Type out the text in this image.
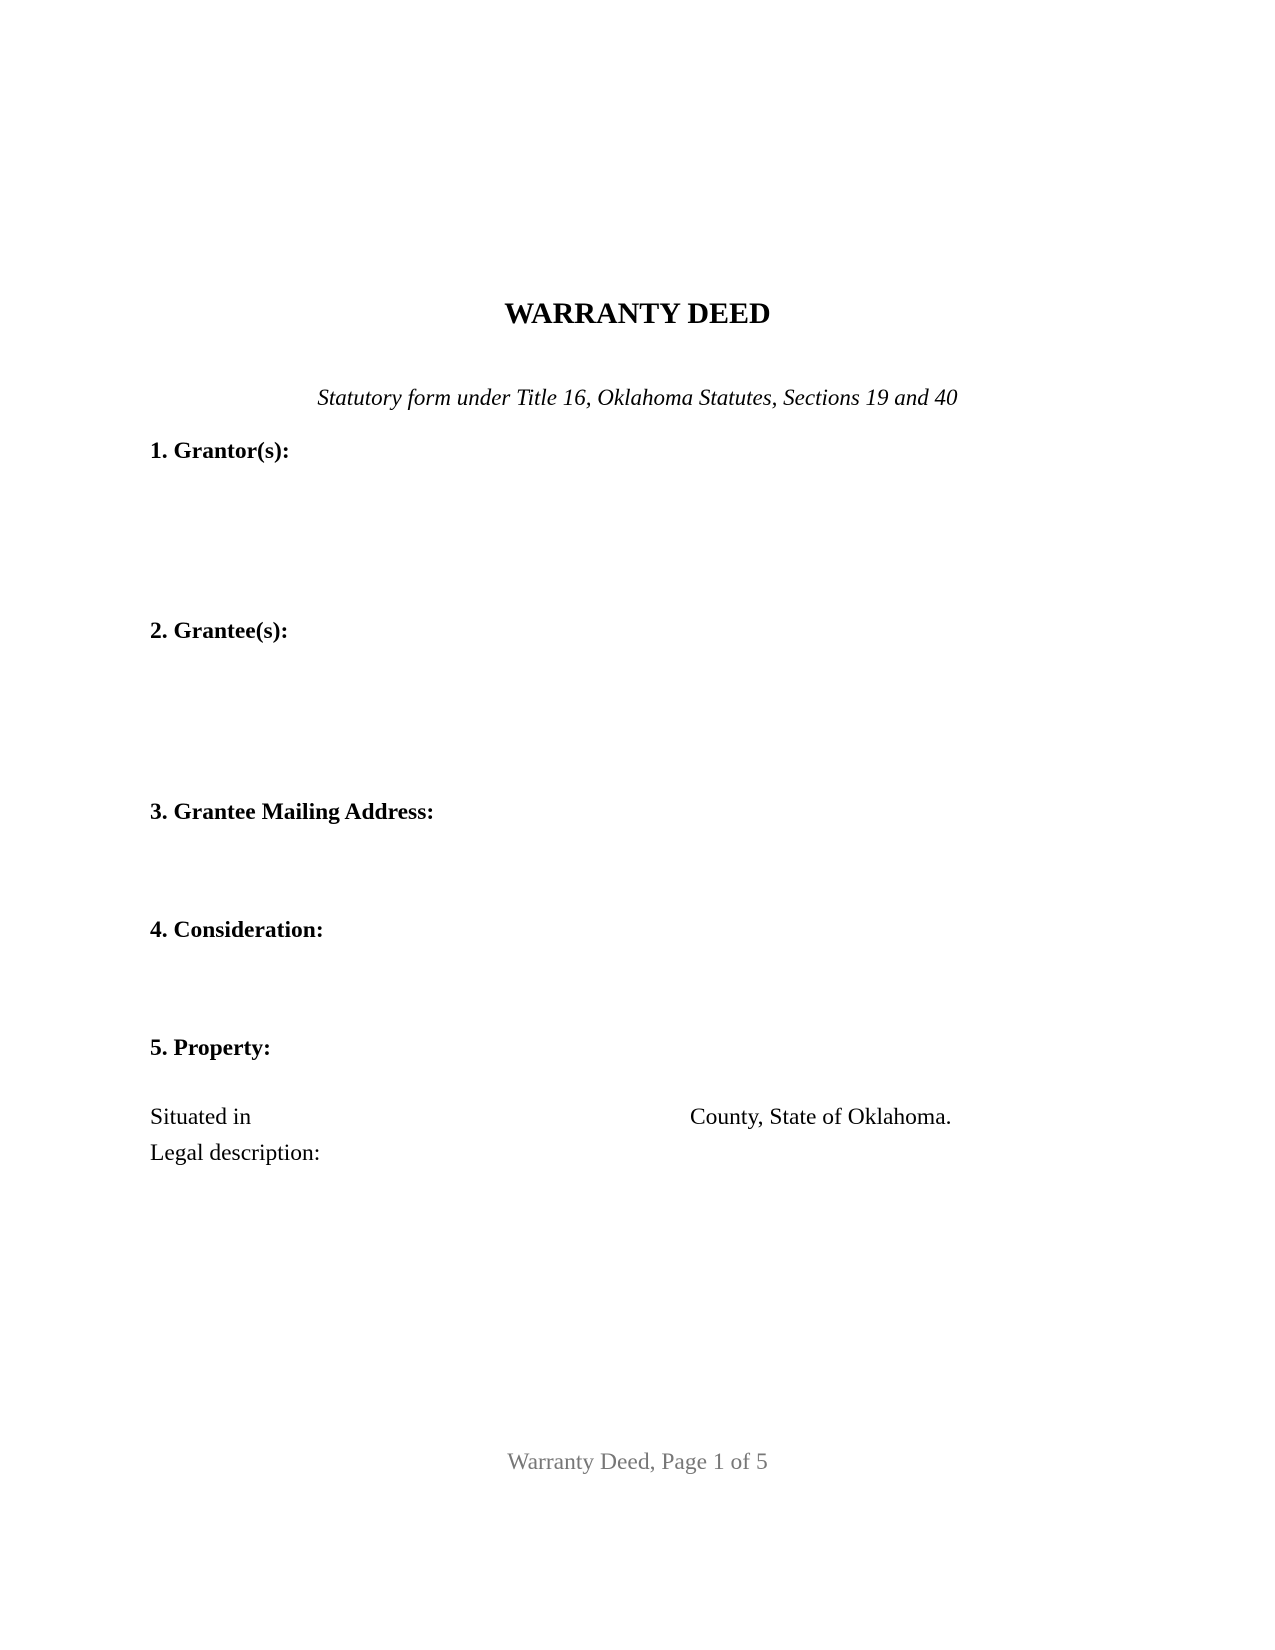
WARRANTY DEED

Statutory form under Title 16, Oklahoma Statutes, Sections 19 and 40

1. Grantor(s):
2. Grantee(s):
3. Grantee Mailing Address:
4. Consideration:
5. Property:

Situated in	County, State of Oklahoma.

Legal description:

Warranty Deed, Page 1 of 5
